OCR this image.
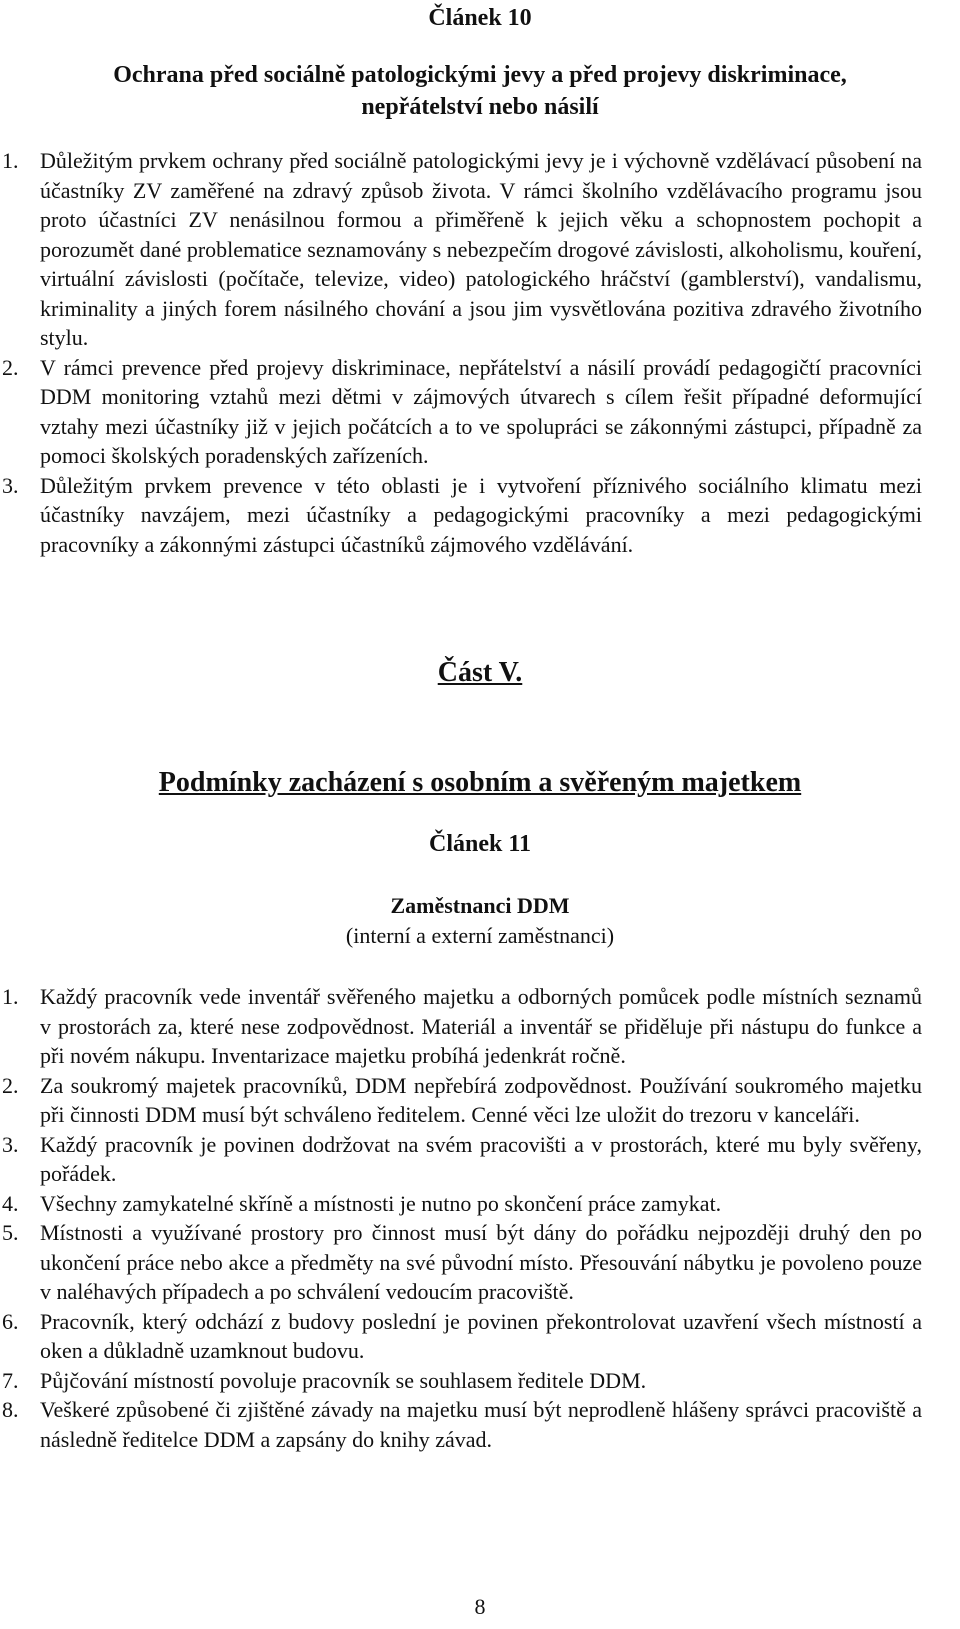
Článek 10
Ochrana před sociálně patologickými jevy a před projevy diskriminace,
nepřátelství nebo násilí
1. Důležitým prvkem ochrany před sociálně patologickými jevy je i výchovně vzdělávací působení na účastníky ZV zaměřené na zdravý způsob života. V rámci školního vzdělávacího programu jsou proto účastníci ZV nenásilnou formou a přiměřeně k jejich věku a schopnostem pochopit a porozumět dané problematice seznamovány s nebezpečím drogové závislosti, alkoholismu, kouření, virtuální závislosti (počítače, televize, video) patologického hráčství (gamblerství), vandalismu, kriminality a jiných forem násilného chování a jsou jim vysvětlována pozitiva zdravého životního stylu.
2. V rámci prevence před projevy diskriminace, nepřátelství a násilí provádí pedagogičtí pracovníci DDM monitoring vztahů mezi dětmi v zájmových útvarech s cílem řešit případné deformující vztahy mezi účastníky již v jejich počátcích a to ve spolupráci se zákonnými zástupci, případně za pomoci školských poradenských zařízeních.
3. Důležitým prvkem prevence v této oblasti je i vytvoření příznivého sociálního klimatu mezi účastníky navzájem, mezi účastníky a pedagogickými pracovníky a mezi pedagogickými pracovníky a zákonnými zástupci účastníků zájmového vzdělávání.
Část V.
Podmínky zacházení s osobním a svěřeným majetkem
Článek 11
Zaměstnanci DDM
(interní a externí zaměstnanci)
1. Každý pracovník vede inventář svěřeného majetku a odborných pomůcek podle místních seznamů v prostorách za, které nese zodpovědnost. Materiál a inventář se přiděluje při nástupu do funkce a při novém nákupu. Inventarizace majetku probíhá jedenkrát ročně.
2. Za soukromý majetek pracovníků, DDM nepřebírá zodpovědnost. Používání soukromého majetku při činnosti DDM musí být schváleno ředitelem. Cenné věci lze uložit do trezoru v kanceláři.
3. Každý pracovník je povinen dodržovat na svém pracovišti a v prostorách, které mu byly svěřeny, pořádek.
4. Všechny zamykatelné skříně a místnosti je nutno po skončení práce zamykat.
5. Místnosti a využívané prostory pro činnost musí být dány do pořádku nejpozději druhý den po ukončení práce nebo akce a předměty na své původní místo. Přesouvání nábytku je povoleno pouze v naléhavých případech a po schválení vedoucím pracoviště.
6. Pracovník, který odchází z budovy poslední je povinen překontrolovat uzavření všech místností a oken a důkladně uzamknout budovu.
7. Půjčování místností povoluje pracovník se souhlasem ředitele DDM.
8. Veškeré způsobené či zjištěné závady na majetku musí být neprodleně hlášeny správci pracoviště a následně ředitelce DDM a zapsány do knihy závad.
8
